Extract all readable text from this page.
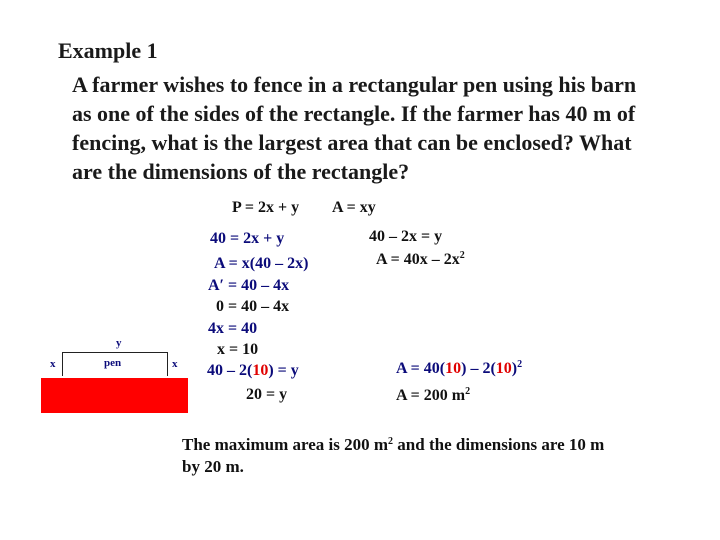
Example 1
A farmer wishes to fence in a rectangular pen using his barn as one of the sides of the rectangle. If the farmer has 40 m of fencing, what is the largest area that can be enclosed? What are the dimensions of the rectangle?
P = 2x + y A = xy
40 = 2x + y
A = x(40 – 2x)
A′ = 40 – 4x
0 = 40 – 4x
4x = 40
x = 10
40 – 2(10) = y
20 = y
40 – 2x = y
$A = 40x - 2x^2$
$A = 40(10) - 2(10)^2$
A = 200 $m^2$
y
x	x
pen
The maximum area is 200 $m^2$ and the dimensions are 10 m by 20 m.
